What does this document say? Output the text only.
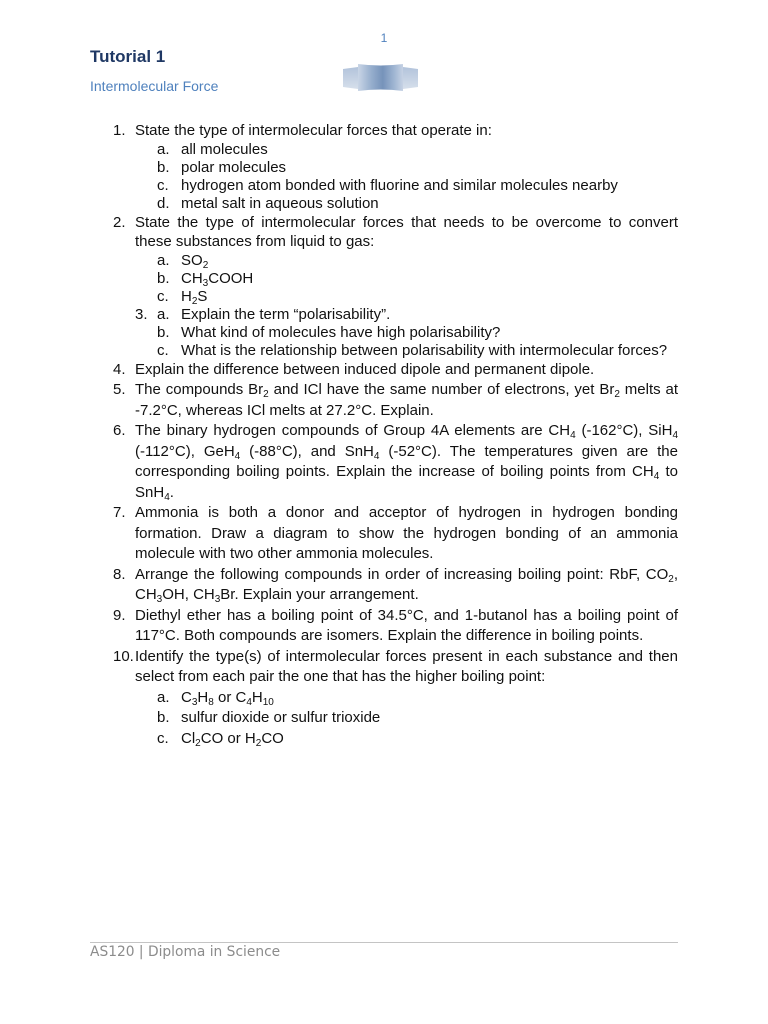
1
Tutorial 1
Intermolecular Force
1. State the type of intermolecular forces that operate in:
a. all molecules
b. polar molecules
c. hydrogen atom bonded with fluorine and similar molecules nearby
d. metal salt in aqueous solution
2. State the type of intermolecular forces that needs to be overcome to convert
these substances from liquid to gas:
a. $SO_2$
b. $CH_3COOH$
c. $H_2S$
3. a. Explain the term “polarisability”.
b. What kind of molecules have high polarisability?
c. What is the relationship between polarisability with intermolecular forces?
4. Explain the difference between induced dipole and permanent dipole.
5. The compounds $Br_2$ and ICl have the same number of electrons, yet $Br_2$ melts at
-7.2°C, whereas ICl melts at 27.2°C. Explain.
6. The binary hydrogen compounds of Group 4A elements are $CH_4$ (-162°C), SiH$_4$
(-112°C), GeH$_4$ (-88°C), and SnH$_4$ (-52°C). The temperatures given are the
corresponding boiling points. Explain the increase of boiling points from $CH_4$ to
SnH$_4$.
7. Ammonia is both a donor and acceptor of hydrogen in hydrogen bonding
formation. Draw a diagram to show the hydrogen bonding of an ammonia
molecule with two other ammonia molecules.
8. Arrange the following compounds in order of increasing boiling point: RbF, $CO_2$,
$CH_3OH$, $CH_3Br$. Explain your arrangement.
9. Diethyl ether has a boiling point of 34.5°C, and 1-butanol has a boiling point of
117°C. Both compounds are isomers. Explain the difference in boiling points.
10. Identify the type(s) of intermolecular forces present in each substance and then
select from each pair the one that has the higher boiling point:
a. $C_3H_8$ or $C_4H_{10}$
b. sulfur dioxide or sulfur trioxide
c. $Cl_2CO$ or $H_2CO$
AS120 | Diploma in Science
